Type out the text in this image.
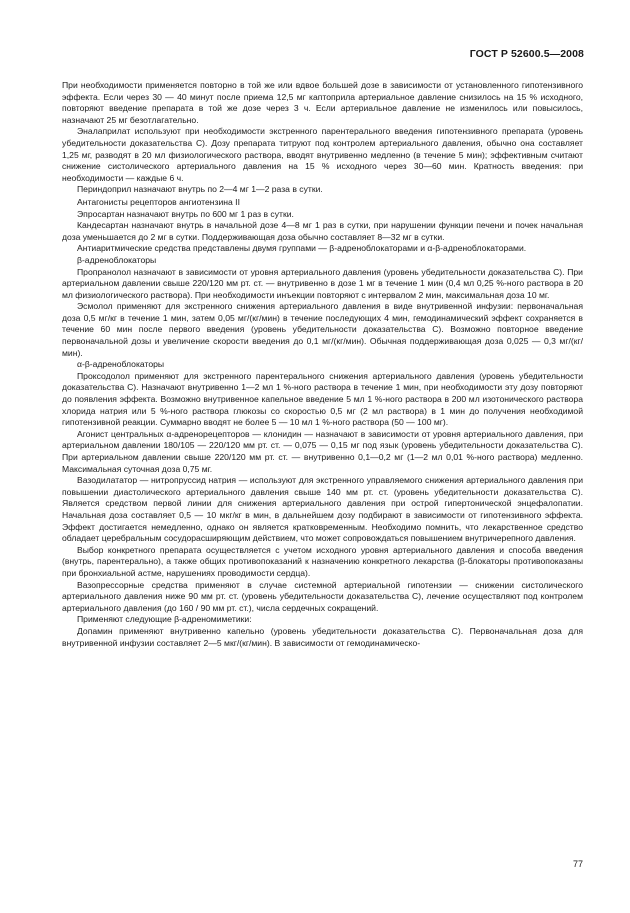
ГОСТ Р 52600.5—2008

При необходимости применяется повторно в той же или вдвое большей дозе в зависимости от установленного гипотензивного эффекта. Если через 30 — 40 минут после приема 12,5 мг каптоприла артериальное давление снизилось на 15 % исходного, повторяют введение препарата в той же дозе через 3 ч. Если артериальное давление не изменилось или повысилось, назначают 25 мг безотлагательно.

Эналаприлат используют при необходимости экстренного парентерального введения гипотензивного препарата (уровень убедительности доказательства С). Дозу препарата титруют под контролем артериального давления, обычно она составляет 1,25 мг, разводят в 20 мл физиологического раствора, вводят внутривенно медленно (в течение 5 мин); эффективным считают снижение систолического артериального давления на 15 % исходного через 30—60 мин. Кратность введения: при необходимости — каждые 6 ч.

Периндоприл назначают внутрь по 2—4 мг 1—2 раза в сутки.

Антагонисты рецепторов ангиотензина II

Эпросартан назначают внутрь по 600 мг 1 раз в сутки.

Кандесартан назначают внутрь в начальной дозе 4—8 мг 1 раз в сутки, при нарушении функции печени и почек начальная доза уменьшается до 2 мг в сутки. Поддерживающая доза обычно составляет 8—32 мг в сутки.

Антиаритмические средства представлены двумя группами — β-адреноблокаторами и α-β-адреноблокаторами.

β-адреноблокаторы

Пропранолол назначают в зависимости от уровня артериального давления (уровень убедительности доказательства С). При артериальном давлении свыше 220/120 мм рт. ст. — внутривенно в дозе 1 мг в течение 1 мин (0,4 мл 0,25 %-ного раствора в 20 мл физиологического раствора). При необходимости инъекции повторяют с интервалом 2 мин, максимальная доза 10 мг.

Эсмолол применяют для экстренного снижения артериального давления в виде внутривенной инфузии: первоначальная доза 0,5 мг/кг в течение 1 мин, затем 0,05 мг/(кг/мин) в течение последующих 4 мин, гемодинамический эффект сохраняется в течение 60 мин после первого введения (уровень убедительности доказательства С). Возможно повторное введение первоначальной дозы и увеличение скорости введения до 0,1 мг/(кг/мин). Обычная поддерживающая доза 0,025 — 0,3 мг/(кг/мин).

α-β-адреноблокаторы

Проксодолол применяют для экстренного парентерального снижения артериального давления (уровень убедительности доказательства С). Назначают внутривенно 1—2 мл 1 %-ного раствора в течение 1 мин, при необходимости эту дозу повторяют до появления эффекта. Возможно внутривенное капельное введение 5 мл 1 %-ного раствора в 200 мл изотонического раствора хлорида натрия или 5 %-ного раствора глюкозы со скоростью 0,5 мг (2 мл раствора) в 1 мин до получения необходимой гипотензивной реакции. Суммарно вводят не более 5 — 10 мл 1 %-ного раствора (50 — 100 мг).

Агонист центральных α-адренорецепторов — клонидин — назначают в зависимости от уровня артериального давления, при артериальном давлении 180/105 — 220/120 мм рт. ст. — 0,075 — 0,15 мг под язык (уровень убедительности доказательства С). При артериальном давлении свыше 220/120 мм рт. ст. — внутривенно 0,1—0,2 мг (1—2 мл 0,01 %-ного раствора) медленно. Максимальная суточная доза 0,75 мг.

Вазодилататор — нитропруссид натрия — используют для экстренного управляемого снижения артериального давления при повышении диастолического артериального давления свыше 140 мм рт. ст. (уровень убедительности доказательства С). Является средством первой линии для снижения артериального давления при острой гипертонической энцефалопатии. Начальная доза составляет 0,5 — 10 мкг/кг в мин, в дальнейшем дозу подбирают в зависимости от гипотензивного эффекта. Эффект достигается немедленно, однако он является кратковременным. Необходимо помнить, что лекарственное средство обладает церебральным сосудорасширяющим действием, что может сопровождаться повышением внутричерепного давления.

Выбор конкретного препарата осуществляется с учетом исходного уровня артериального давления и способа введения (внутрь, парентерально), а также общих противопоказаний к назначению конкретного лекарства (β-блокаторы противопоказаны при бронхиальной астме, нарушениях проводимости сердца).

Вазопрессорные средства применяют в случае системной артериальной гипотензии — снижении систолического артериального давления ниже 90 мм рт. ст. (уровень убедительности доказательства С), лечение осуществляют под контролем артериального давления (до 160 / 90 мм рт. ст.), числа сердечных сокращений.

Применяют следующие β-адреномиметики:

Допамин применяют внутривенно капельно (уровень убедительности доказательства С). Первоначальная доза для внутривенной инфузии составляет 2—5 мкг/(кг/мин). В зависимости от гемодинамическо-

77
